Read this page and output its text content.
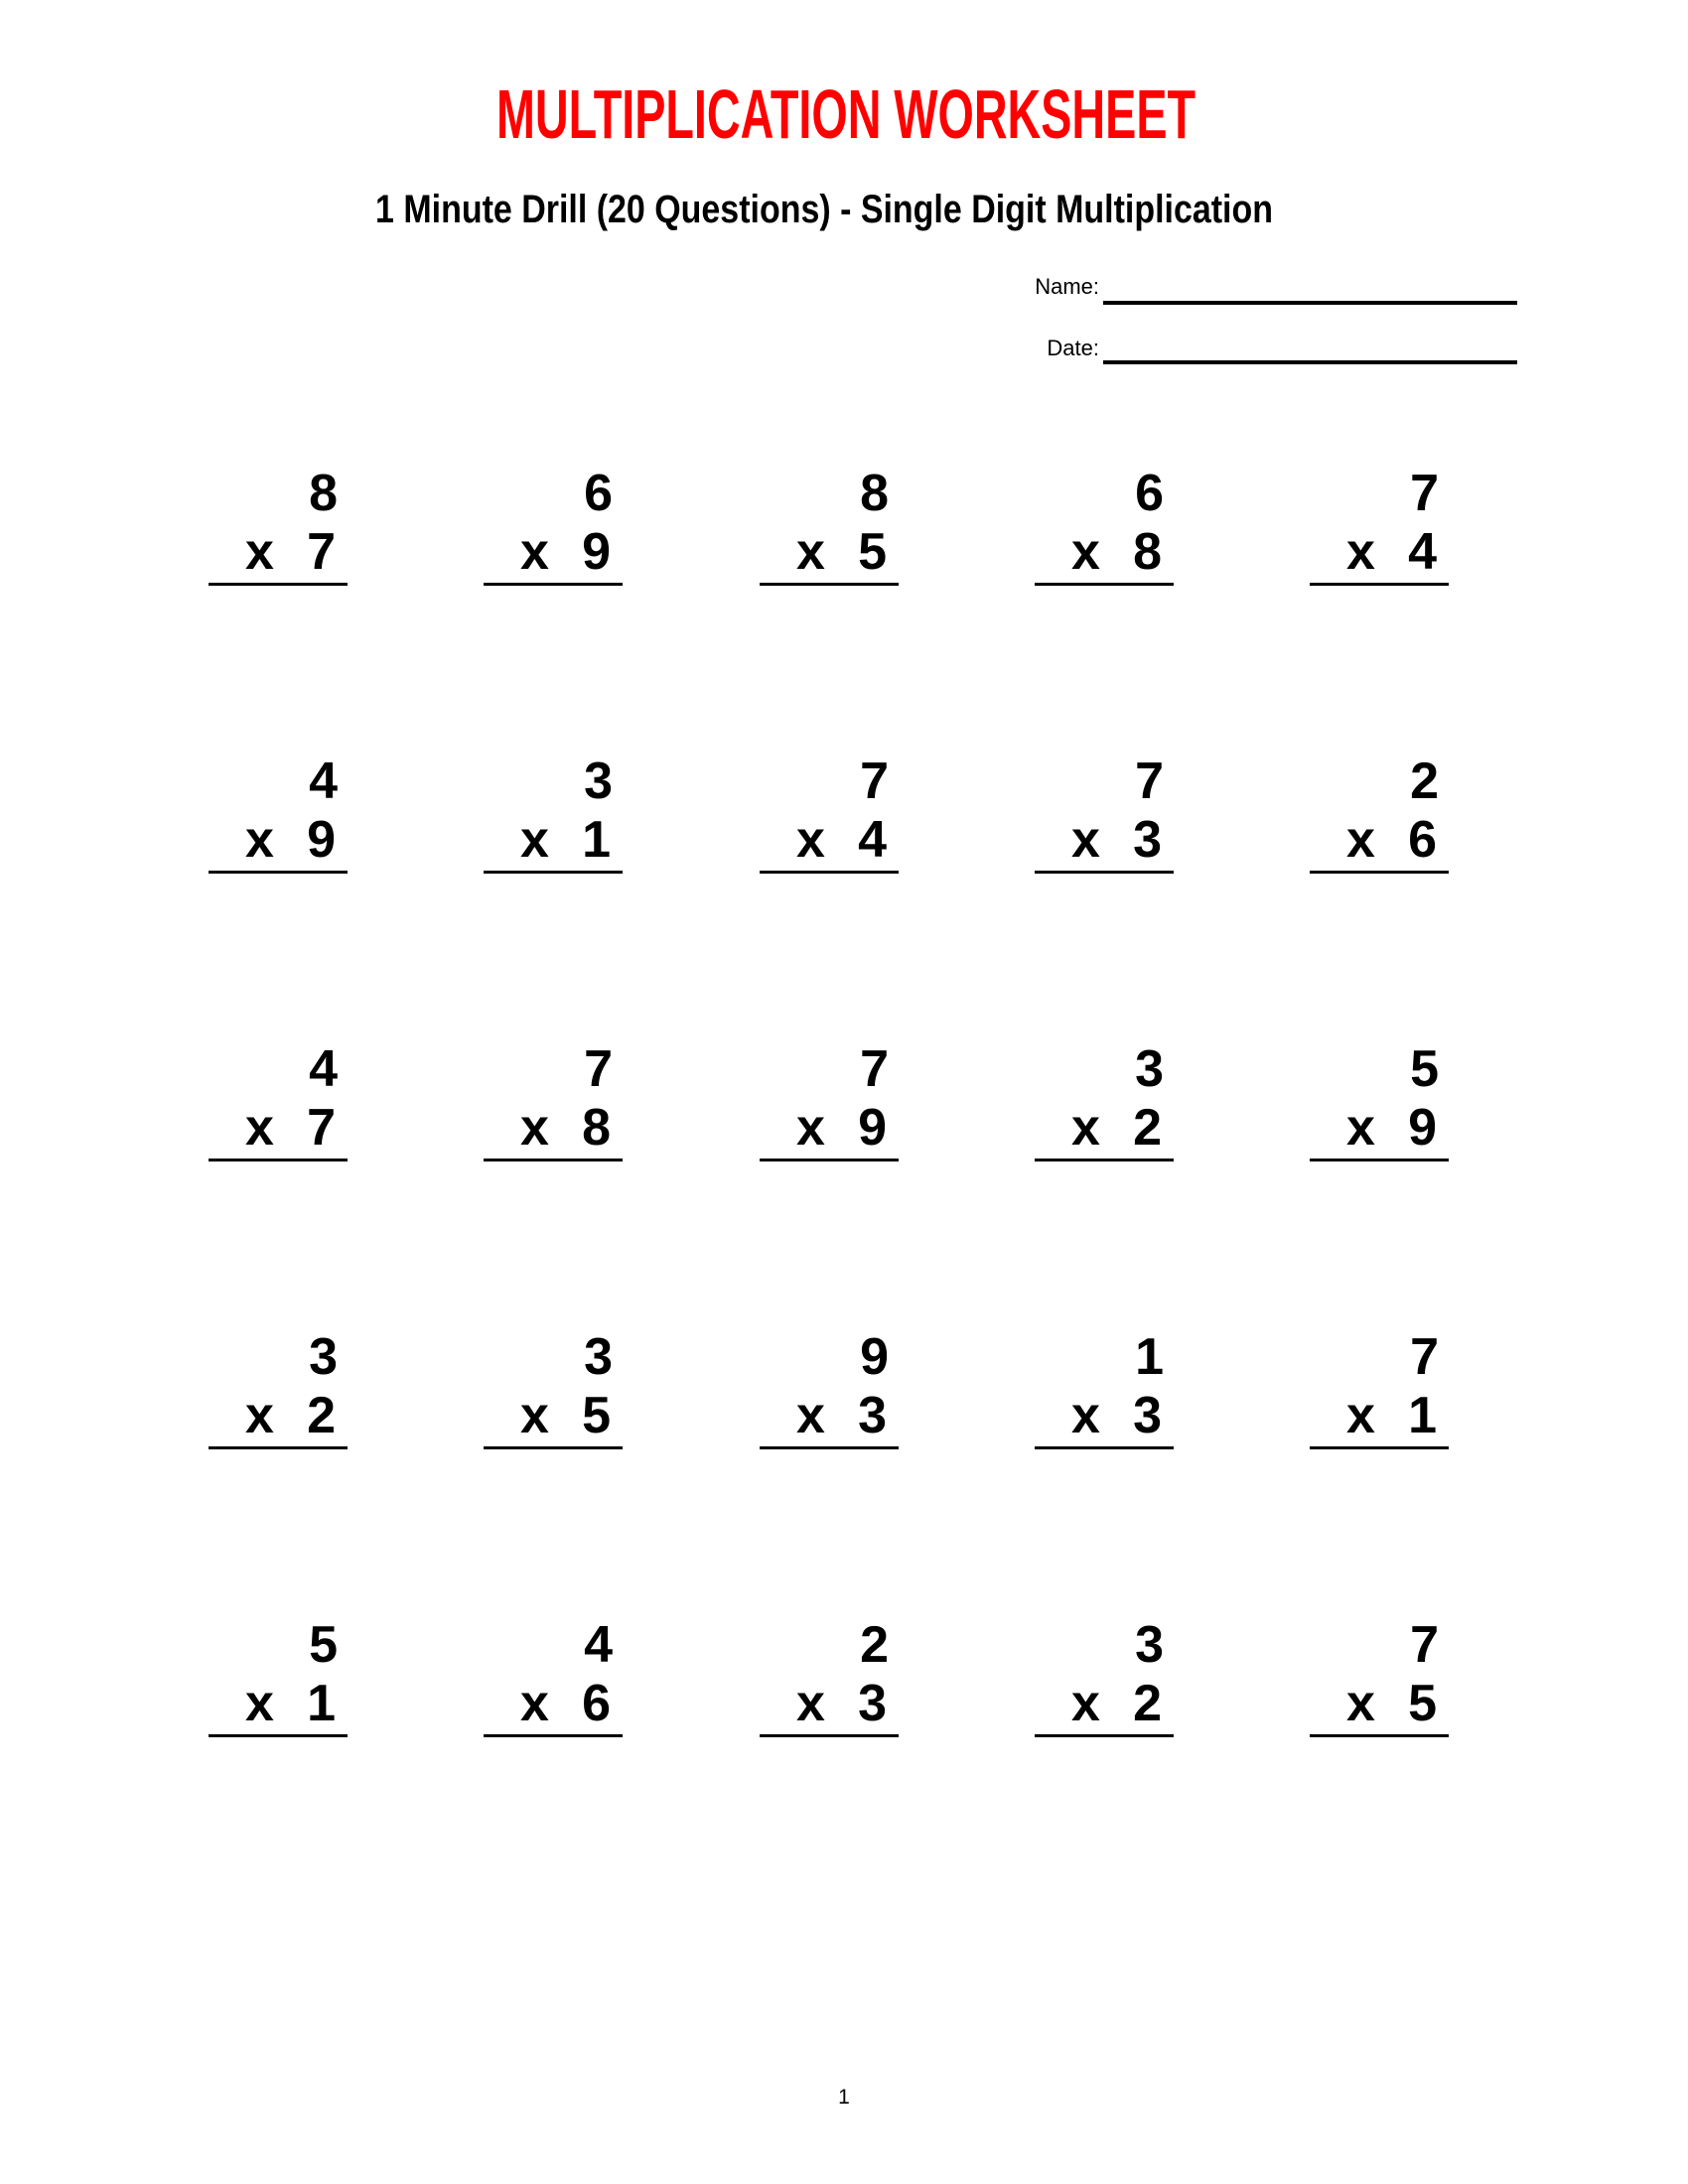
MULTIPLICATION WORKSHEET
1 Minute Drill (20 Questions) - Single Digit Multiplication
Name:
Date:
8
x 7
6
x 9
8
x 5
6
x 8
7
x 4
4
x 9
3
x 1
7
x 4
7
x 3
2
x 6
4
x 7
7
x 8
7
x 9
3
x 2
5
x 9
3
x 2
3
x 5
9
x 3
1
x 3
7
x 1
5
x 1
4
x 6
2
x 3
3
x 2
7
x 5
1
